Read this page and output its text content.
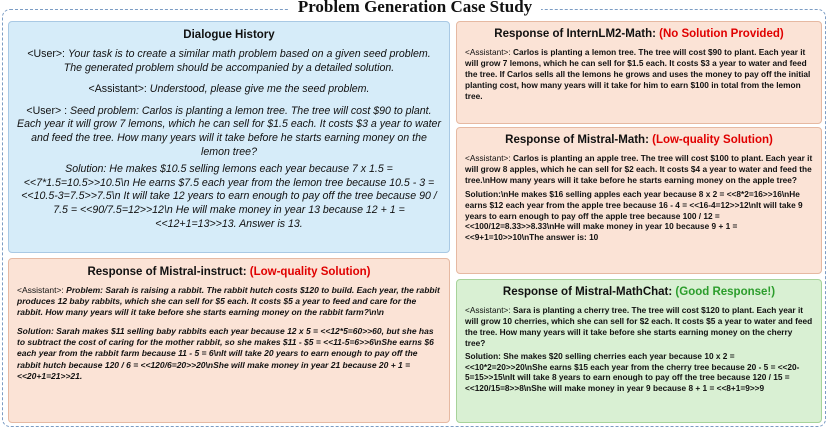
Problem Generation Case Study
Dialogue History

<User>: Your task is to create a similar math problem based on a given seed problem. The generated problem should be accompanied by a detailed solution.

<Assistant>: Understood, please give me the seed problem.

<User> : Seed problem: Carlos is planting a lemon tree. The tree will cost $90 to plant. Each year it will grow 7 lemons, which he can sell for $1.5 each. It costs $3 a year to water and feed the tree. How many years will it take before he starts earning money on the lemon tree?

Solution: He makes $10.5 selling lemons each year because 7 x 1.5 = <<7*1.5=10.5>>10.5\n He earns $7.5 each year from the lemon tree because 10.5 - 3 = <<10.5-3=7.5>>7.5\n It will take 12 years to earn enough to pay off the tree because 90 / 7.5 = <<90/7.5=12>>12\n He will make money in year 13 because 12 + 1 = <<12+1=13>>13. Answer is 13.

Response of Mistral-instruct: (Low-quality Solution)

<Assistant>: Problem: Sarah is raising a rabbit. The rabbit hutch costs $120 to build. Each year, the rabbit produces 12 baby rabbits, which she can sell for $5 each. It costs $5 a year to feed and care for the rabbit. How many years will it take before she starts earning money on the rabbit farm?\n\n

Solution: Sarah makes $11 selling baby rabbits each year because 12 x 5 = <<12*5=60>>60, but she has to subtract the cost of caring for the mother rabbit, so she makes $11 - $5 = <<11-5=6>>6\nShe earns $6 each year from the rabbit farm because 11 - 5 = 6\nIt will take 20 years to earn enough to pay off the rabbit hutch because 120 / 6 = <<120/6=20>>20\nShe will make money in year 21 because 20 + 1 = <<20+1=21>>21.

Response of InternLM2-Math: (No Solution Provided)

<Assistant>: Carlos is planting a lemon tree. The tree will cost $90 to plant. Each year it will grow 7 lemons, which he can sell for $1.5 each. It costs $3 a year to water and feed the tree. If Carlos sells all the lemons he grows and uses the money to pay off the initial planting cost, how many years will it take for him to earn $100 in total from the lemon tree.

Response of Mistral-Math: (Low-quality Solution)

<Assistant>: Carlos is planting an apple tree. The tree will cost $100 to plant. Each year it will grow 8 apples, which he can sell for $2 each. It costs $4 a year to water and feed the tree.\nHow many years will it take before he starts earning money on the apple tree?

Solution:\nHe makes $16 selling apples each year because 8 x 2 = <<8*2=16>>16\nHe earns $12 each year from the apple tree because 16 - 4 = <<16-4=12>>12\nIt will take 9 years to earn enough to pay off the apple tree because 100 / 12 = <<100/12=8.33>>8.33\nHe will make money in year 10 because 9 + 1 = <<9+1=10>>10\nThe answer is: 10

Response of Mistral-MathChat: (Good Response!)

<Assistant>: Sara is planting a cherry tree. The tree will cost $120 to plant. Each year it will grow 10 cherries, which she can sell for $2 each. It costs $5 a year to water and feed the tree. How many years will it take before she starts earning money on the cherry tree?

Solution: She makes $20 selling cherries each year because 10 x 2 = <<10*2=20>>20\nShe earns $15 each year from the cherry tree because 20 - 5 = <<20-5=15>>15\nIt will take 8 years to earn enough to pay off the tree because 120 / 15 = <<120/15=8>>8\nShe will make money in year 9 because 8 + 1 = <<8+1=9>>9
